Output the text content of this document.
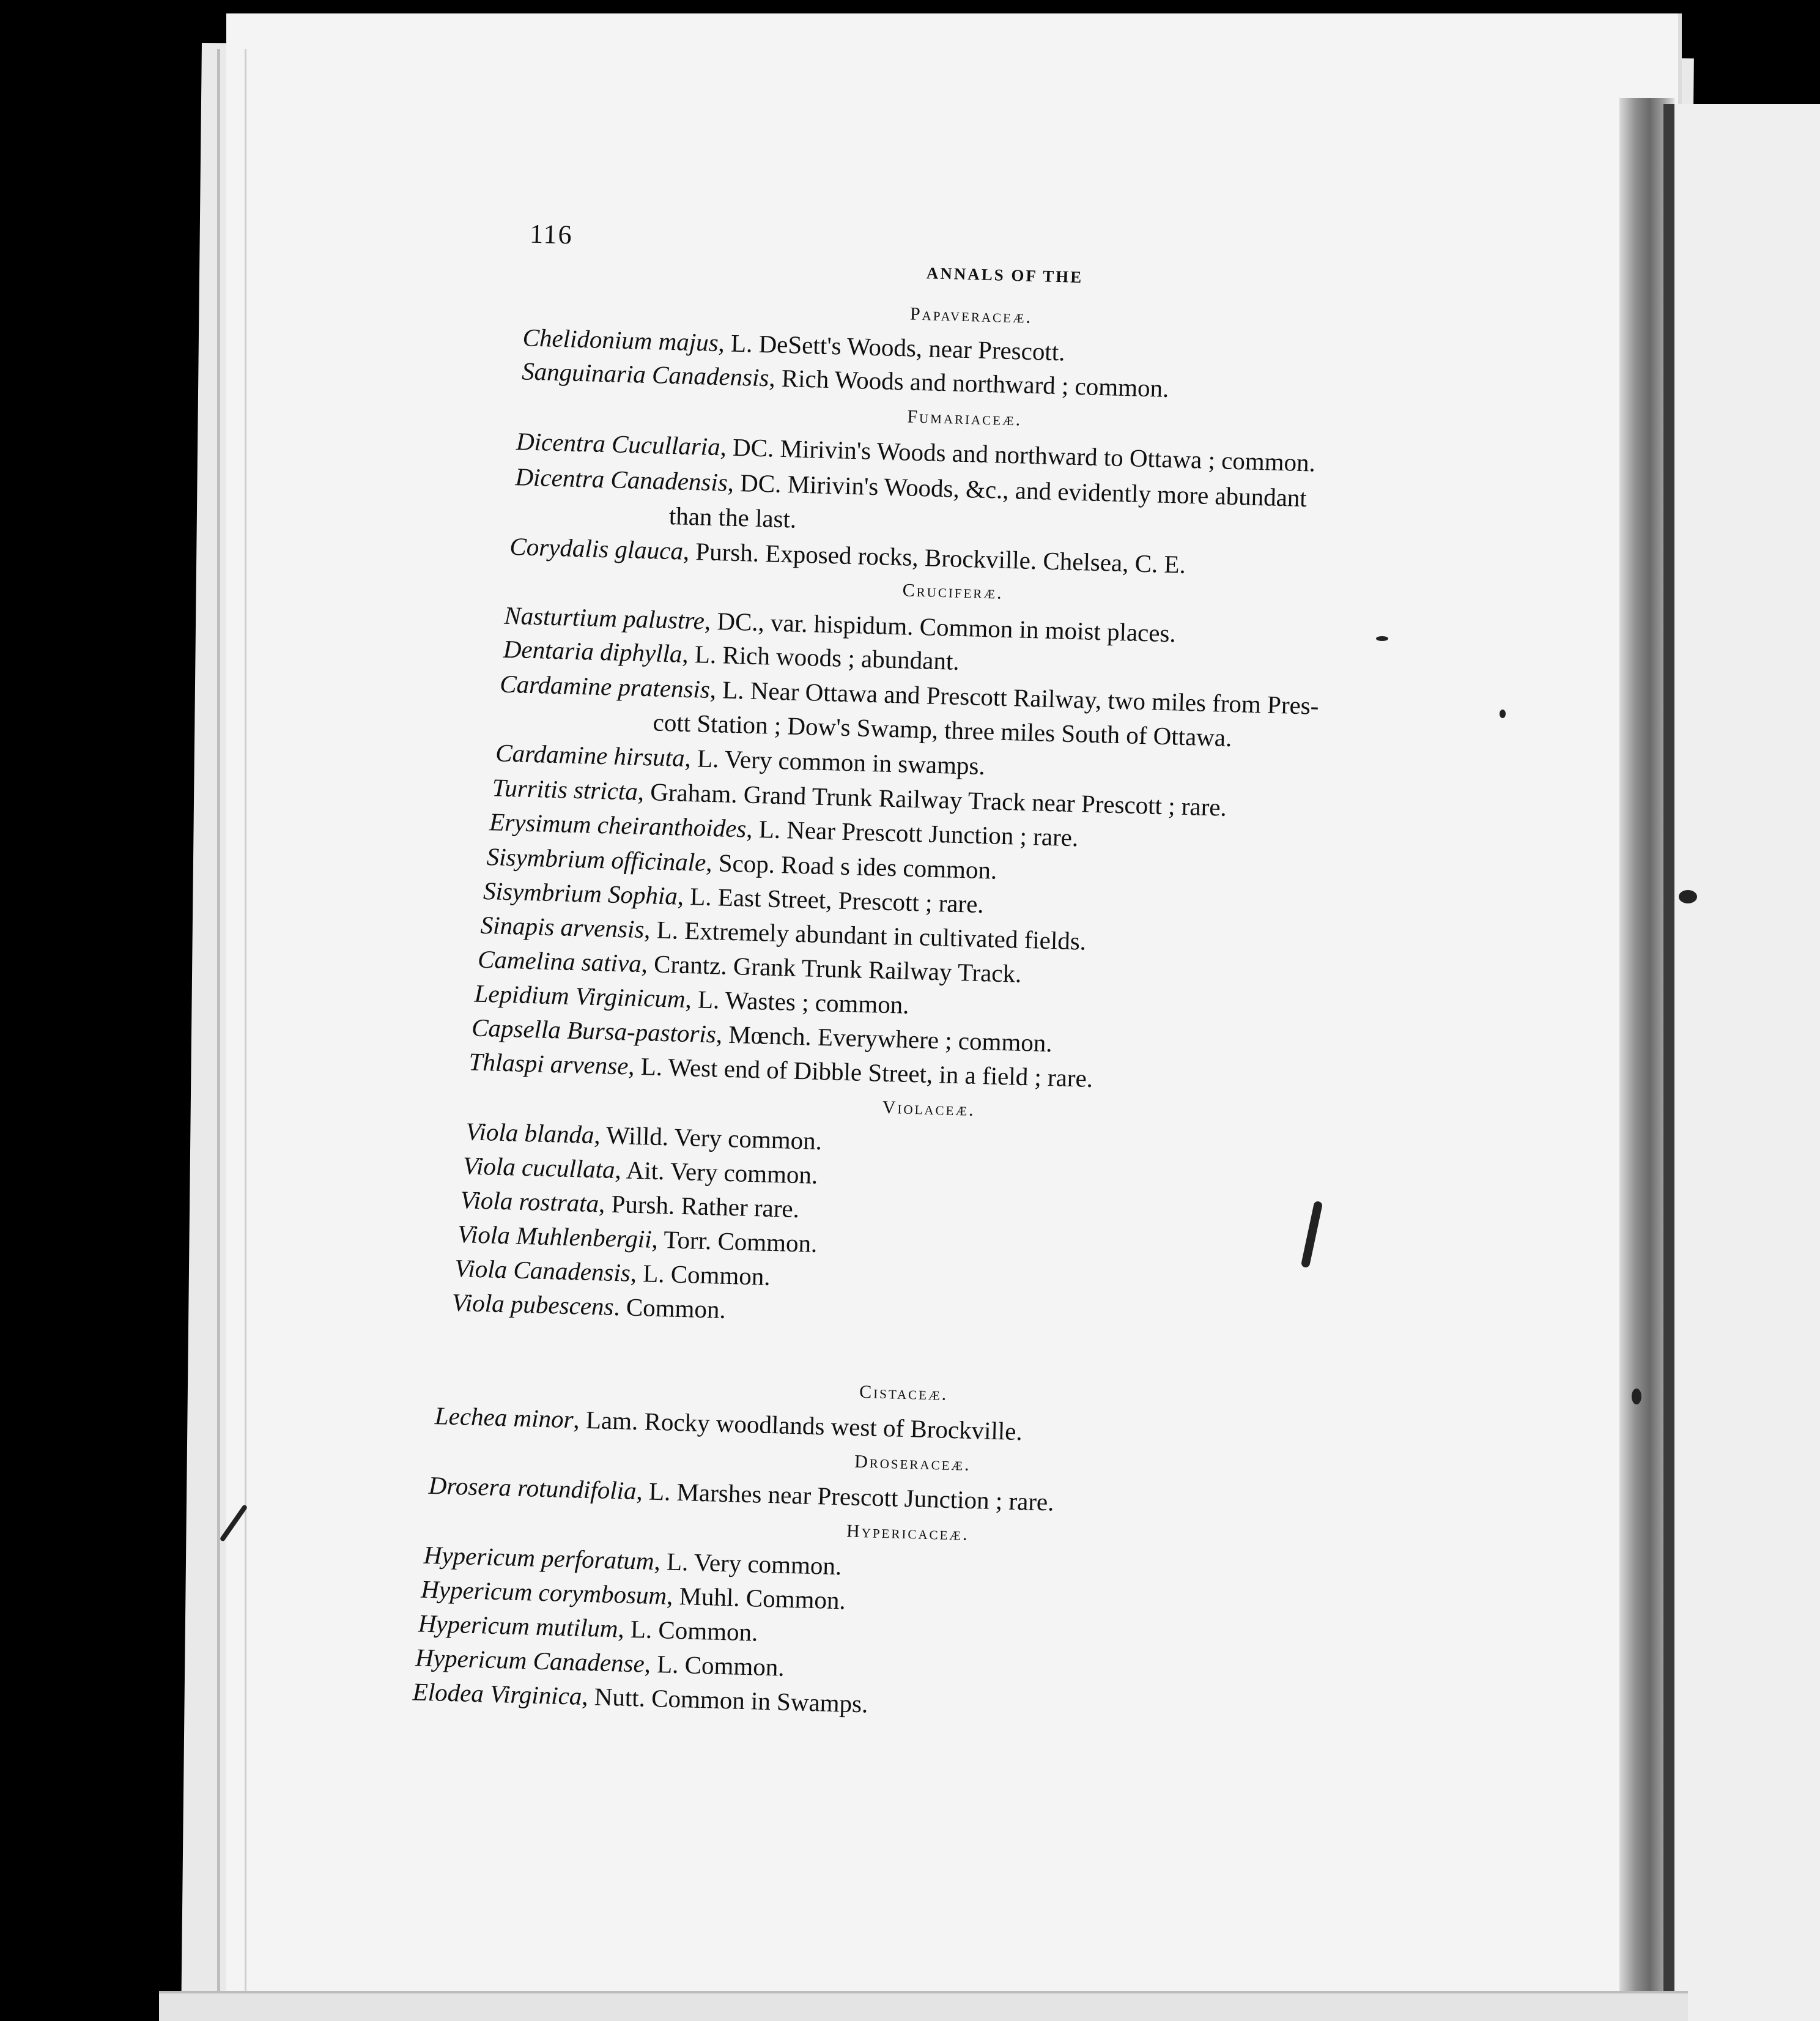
116
ANNALS OF THE
Papaveraceæ.
Chelidonium majus, L. DeSett's Woods, near Prescott.
Sanguinaria Canadensis, Rich Woods and northward ; common.
Fumariaceæ.
Dicentra Cucullaria, DC. Mirivin's Woods and northward to Ottawa ; common.
Dicentra Canadensis, DC. Mirivin's Woods, &c., and evidently more abundant
than the last.
Corydalis glauca, Pursh. Exposed rocks, Brockville. Chelsea, C. E.
Cruciferæ.
Nasturtium palustre, DC., var. hispidum. Common in moist places.
Dentaria diphylla, L. Rich woods ; abundant.
Cardamine pratensis, L. Near Ottawa and Prescott Railway, two miles from Pres-
cott Station ; Dow's Swamp, three miles South of Ottawa.
Cardamine hirsuta, L. Very common in swamps.
Turritis stricta, Graham. Grand Trunk Railway Track near Prescott ; rare.
Erysimum cheiranthoides, L. Near Prescott Junction ; rare.
Sisymbrium officinale, Scop. Road s ides common.
Sisymbrium Sophia, L. East Street, Prescott ; rare.
Sinapis arvensis, L. Extremely abundant in cultivated fields.
Camelina sativa, Crantz. Grank Trunk Railway Track.
Lepidium Virginicum, L. Wastes ; common.
Capsella Bursa-pastoris, Mœnch. Everywhere ; common.
Thlaspi arvense, L. West end of Dibble Street, in a field ; rare.
Violaceæ.
Viola blanda, Willd. Very common.
Viola cucullata, Ait. Very common.
Viola rostrata, Pursh. Rather rare.
Viola Muhlenbergii, Torr. Common.
Viola Canadensis, L. Common.
Viola pubescens. Common.
Cistaceæ.
Lechea minor, Lam. Rocky woodlands west of Brockville.
Droseraceæ.
Drosera rotundifolia, L. Marshes near Prescott Junction ; rare.
Hypericaceæ.
Hypericum perforatum, L. Very common.
Hypericum corymbosum, Muhl. Common.
Hypericum mutilum, L. Common.
Hypericum Canadense, L. Common.
Elodea Virginica, Nutt. Common in Swamps.
